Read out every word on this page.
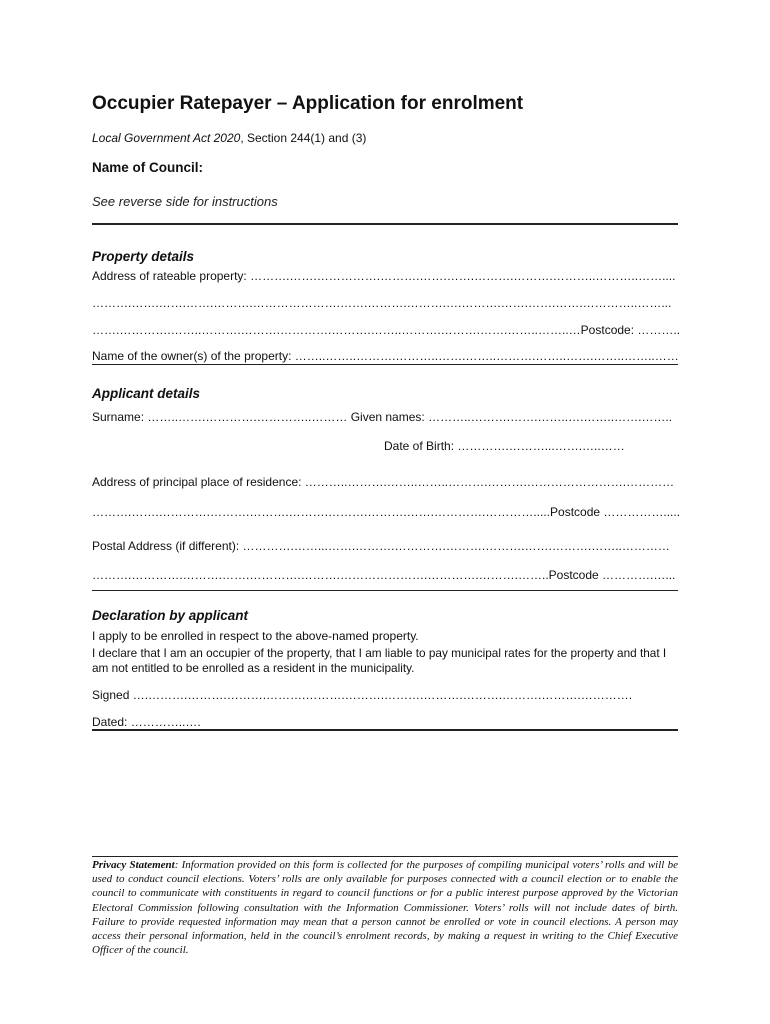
Occupier Ratepayer – Application for enrolment
Local Government Act 2020, Section 244(1) and (3)
Name of Council:
See reverse side for instructions
Property details
Address of rateable property: ……….…….…………….……….…….…….……….……….………..………..……....
……….…….…….…….……….………………….…….……….……….….……….…….…….…….…………..……...
…….………….……..……….……….………….……….……..……….……….…….……..……..…Postcode: ………..
Name of the owner(s) of the property: ……..……..……….………..…….……..……….……..…….……..……..……
Applicant details
Surname: ……..…….………….…………..……… Given names: ………..……….…….……..….……..…….……..
Date of Birth: ………….………...…….…..……
Address of principal place of residence: ………..……….……..……..……….……….…………………….…………
……….…….………….……….……….……….……….……….…….………….………….....Postcode …………….....
Postal Address (if different): ………….……...…….……….………….……….……….…….……….……..…………
……….………….……….…….………….……….………………….………….……….……..Postcode ………….…...
Declaration by applicant
I apply to be enrolled in respect to the above-named property.
I declare that I am an occupier of the property, that I am liable to pay municipal rates for the property and that I am not entitled to be enrolled as a resident in the municipality.
Signed ….……….……….……….……….……….……….……….……….……….……….……….………….
Dated: …………..….
Privacy Statement: Information provided on this form is collected for the purposes of compiling municipal voters’ rolls and will be used to conduct council elections. Voters’ rolls are only available for purposes connected with a council election or to enable the council to communicate with constituents in regard to council functions or for a public interest purpose approved by the Victorian Electoral Commission following consultation with the Information Commissioner. Voters’ rolls will not include dates of birth. Failure to provide requested information may mean that a person cannot be enrolled or vote in council elections. A person may access their personal information, held in the council’s enrolment records, by making a request in writing to the Chief Executive Officer of the council.
